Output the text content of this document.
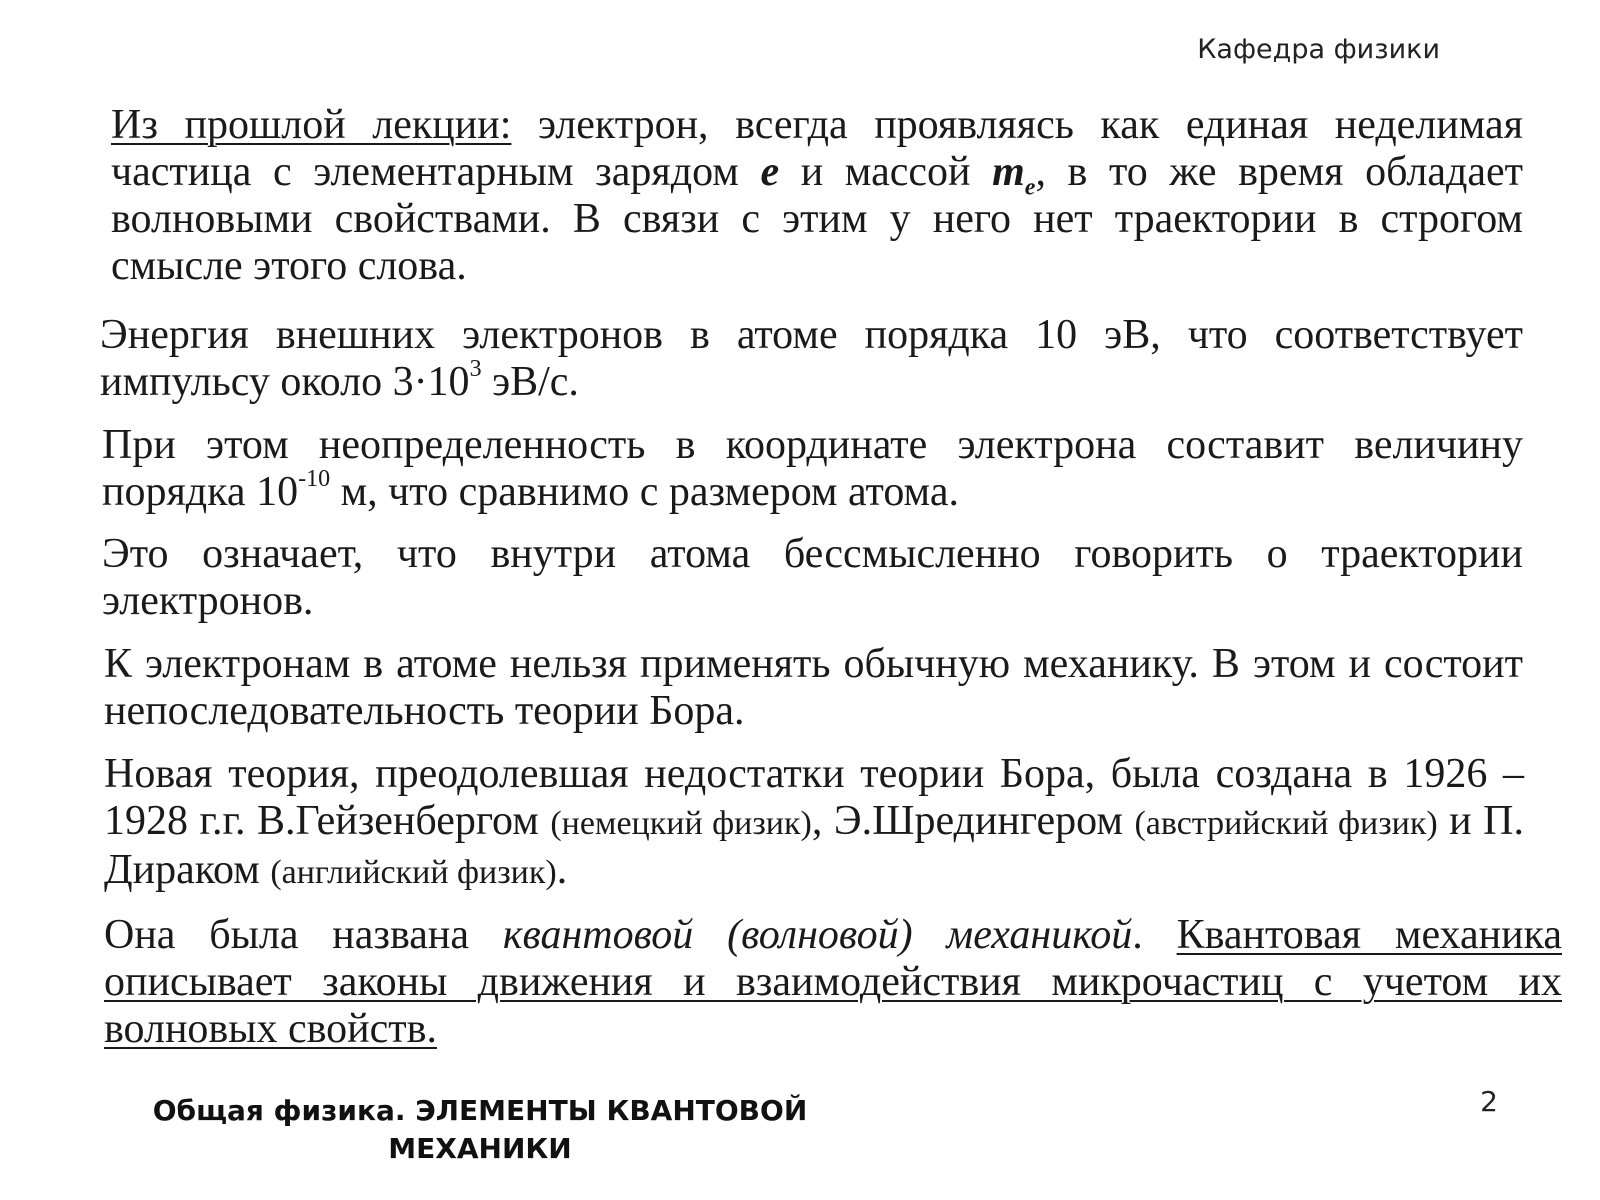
Кафедра физики

Из прошлой лекции: электрон, всегда проявляясь как единая неделимая частица с элементарным зарядом e и массой $m_e$, в то же время обладает волновыми свойствами. В связи с этим у него нет траектории в строгом смысле этого слова.

Энергия внешних электронов в атоме порядка 10 эВ, что соответствует импульсу около $3\cdot 10^3$ эВ/с.

При этом неопределенность в координате электрона составит величину порядка $10^{-10}$ м, что сравнимо с размером атома.

Это означает, что внутри атома бессмысленно говорить о траектории электронов.

К электронам в атоме нельзя применять обычную механику. В этом и состоит непоследовательность теории Бора.

Новая теория, преодолевшая недостатки теории Бора, была создана в 1926 – 1928 г.г. В.Гейзенбергом (немецкий физик), Э.Шредингером (австрийский физик) и П. Дираком (английский физик).

Она была названа квантовой (волновой) механикой. Квантовая механика описывает законы движения и взаимодействия микрочастиц с учетом их волновых свойств.

Общая физика. ЭЛЕМЕНТЫ КВАНТОВОЙ
МЕХАНИКИ
2
